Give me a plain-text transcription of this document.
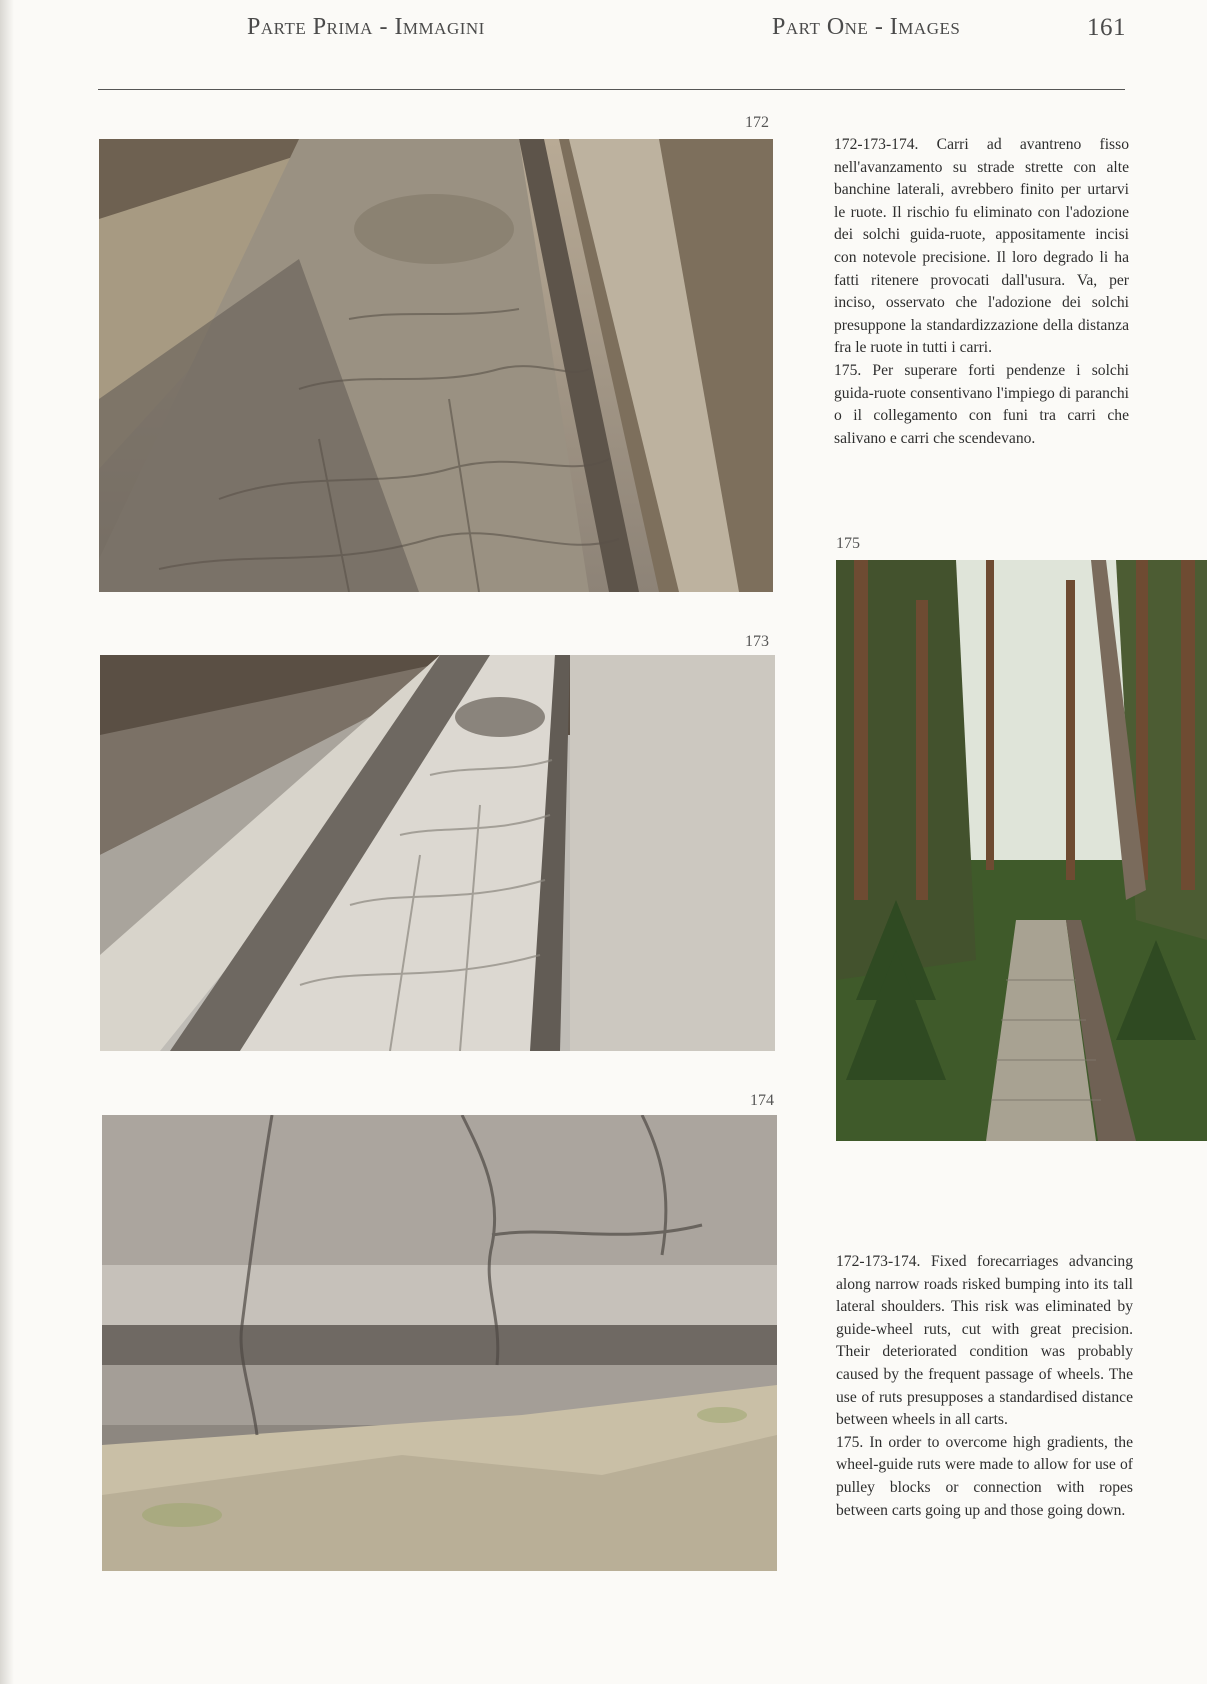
Parte Prima - Immagini	Part One - Images	161
172
173
174
175

172-173-174. Carri ad avantreno fisso nell'avanzamento su strade strette con alte banchine laterali, avrebbero finito per urtarvi le ruote. Il rischio fu eliminato con l'adozione dei solchi guida-ruote, appositamente incisi con notevole precisione. Il loro degrado li ha fatti ritenere provocati dall'usura. Va, per inciso, osservato che l'adozione dei solchi presuppone la standardizzazione della distanza fra le ruote in tutti i carri.

175. Per superare forti pendenze i solchi guida-ruote consentivano l'impiego di paranchi o il collegamento con funi tra carri che salivano e carri che scendevano.

172-173-174. Fixed forecarriages advancing along narrow roads risked bumping into its tall lateral shoulders. This risk was eliminated by guide-wheel ruts, cut with great precision. Their deteriorated condition was probably caused by the frequent passage of wheels. The use of ruts presupposes a standardised distance between wheels in all carts.

175. In order to overcome high gradients, the wheel-guide ruts were made to allow for use of pulley blocks or connection with ropes between carts going up and those going down.
